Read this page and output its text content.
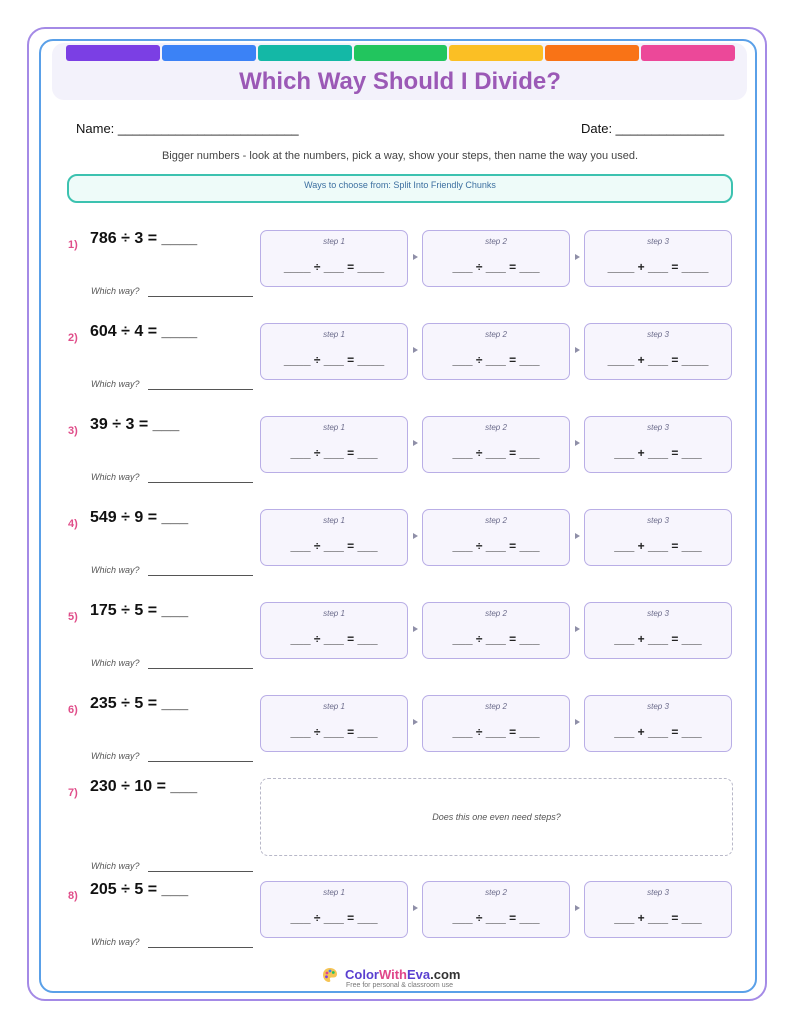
Which Way Should I Divide?
Name: _________________________	Date: _______________
Bigger numbers - look at the numbers, pick a way, show your steps, then name the way you used.
Ways to choose from: Split Into Friendly Chunks
1) 786 ÷ 3 = ____
Which way?
step 1
____ ÷ ___ = ____
step 2
___ ÷ ___ = ___
step 3
____ + ___ = ____
2) 604 ÷ 4 = ____
Which way?
step 1
____ ÷ ___ = ____
step 2
___ ÷ ___ = ___
step 3
____ + ___ = ____
3) 39 ÷ 3 = ___
Which way?
step 1
___ ÷ ___ = ___
step 2
___ ÷ ___ = ___
step 3
___ + ___ = ___
4) 549 ÷ 9 = ___
Which way?
step 1
___ ÷ ___ = ___
step 2
___ ÷ ___ = ___
step 3
___ + ___ = ___
5) 175 ÷ 5 = ___
Which way?
step 1
___ ÷ ___ = ___
step 2
___ ÷ ___ = ___
step 3
___ + ___ = ___
6) 235 ÷ 5 = ___
Which way?
step 1
___ ÷ ___ = ___
step 2
___ ÷ ___ = ___
step 3
___ + ___ = ___
7) 230 ÷ 10 = ___
Which way?
Does this one even need steps?
8) 205 ÷ 5 = ___
Which way?
step 1
___ ÷ ___ = ___
step 2
___ ÷ ___ = ___
step 3
___ + ___ = ___
ColorWithEva.com
Free for personal & classroom use
